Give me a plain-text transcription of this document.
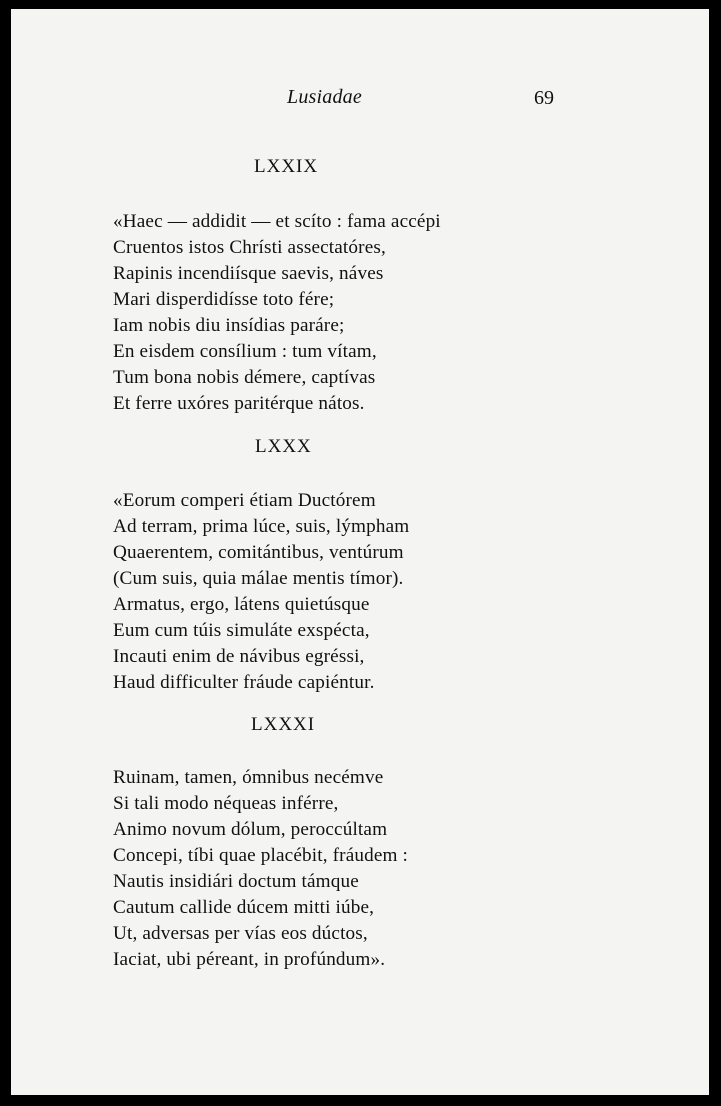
Lusiadae	69
LXXIX
«Haec — addidit — et scíto : fama accépi
Cruentos istos Chrísti assectatóres,
Rapinis incendiísque saevis, náves
Mari disperdidísse toto fére;
Iam nobis diu insídias paráre;
En eisdem consílium : tum vítam,
Tum bona nobis démere, captívas
Et ferre uxóres paritérque nátos.
LXXX
«Eorum comperi étiam Ductórem
Ad terram, prima lúce, suis, lýmpham
Quaerentem, comitántibus, ventúrum
(Cum suis, quia málae mentis tímor).
Armatus, ergo, látens quietúsque
Eum cum túis simuláte exspécta,
Incauti enim de návibus egréssi,
Haud difficulter fráude capiéntur.
LXXXI
Ruinam, tamen, ómnibus necémve
Si tali modo néqueas inférre,
Animo novum dólum, peroccúltam
Concepi, tíbi quae placébit, fráudem :
Nautis insidiári doctum támque
Cautum callide dúcem mitti iúbe,
Ut, adversas per vías eos dúctos,
Iaciat, ubi péreant, in profúndum».
